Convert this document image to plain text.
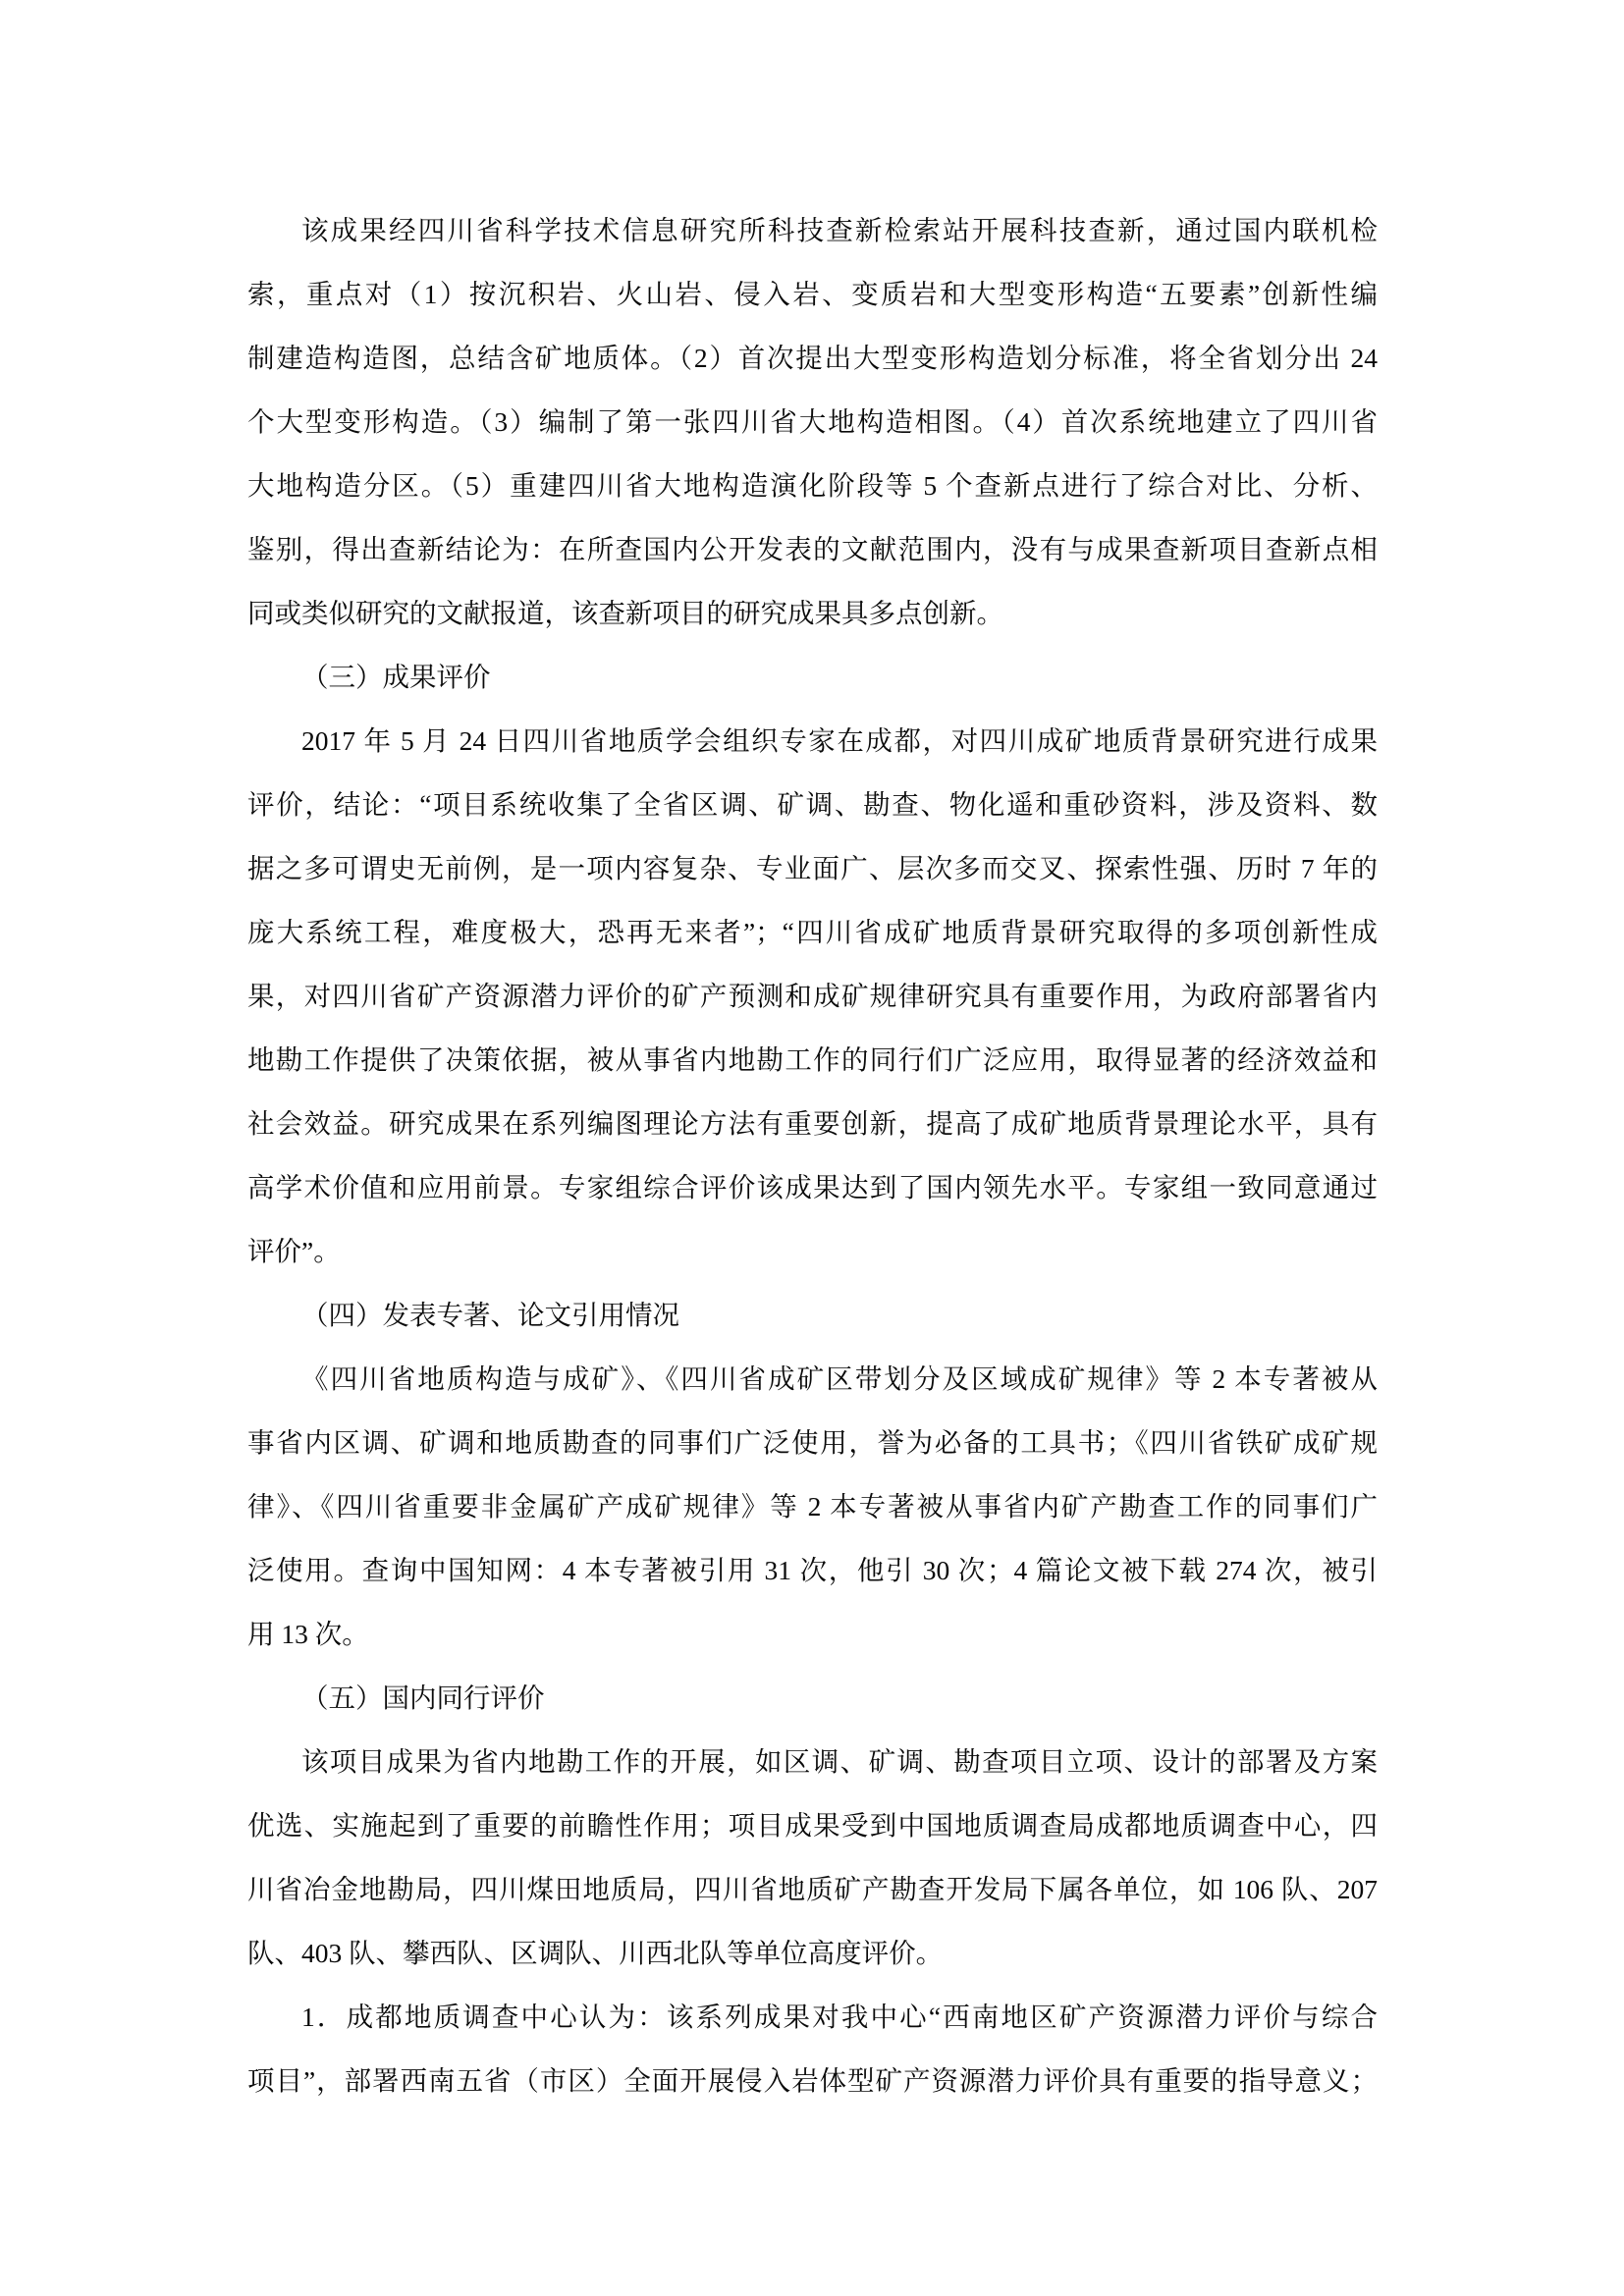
该成果经四川省科学技术信息研究所科技查新检索站开展科技查新，通过国内联机检
索，重点对（1）按沉积岩、火山岩、侵入岩、变质岩和大型变形构造“五要素”创新性编
制建造构造图，总结含矿地质体。（2）首次提出大型变形构造划分标准，将全省划分出 24
个大型变形构造。（3）编制了第一张四川省大地构造相图。（4）首次系统地建立了四川省
大地构造分区。（5）重建四川省大地构造演化阶段等 5 个查新点进行了综合对比、分析、
鉴别，得出查新结论为：在所查国内公开发表的文献范围内，没有与成果查新项目查新点相
同或类似研究的文献报道，该查新项目的研究成果具多点创新。
（三）成果评价
2017 年 5 月 24 日四川省地质学会组织专家在成都，对四川成矿地质背景研究进行成果
评价，结论：“项目系统收集了全省区调、矿调、勘查、物化遥和重砂资料，涉及资料、数
据之多可谓史无前例，是一项内容复杂、专业面广、层次多而交叉、探索性强、历时 7 年的
庞大系统工程，难度极大，恐再无来者”；“四川省成矿地质背景研究取得的多项创新性成
果，对四川省矿产资源潜力评价的矿产预测和成矿规律研究具有重要作用，为政府部署省内
地勘工作提供了决策依据，被从事省内地勘工作的同行们广泛应用，取得显著的经济效益和
社会效益。研究成果在系列编图理论方法有重要创新，提高了成矿地质背景理论水平，具有
高学术价值和应用前景。专家组综合评价该成果达到了国内领先水平。专家组一致同意通过
评价”。
（四）发表专著、论文引用情况
《四川省地质构造与成矿》、《四川省成矿区带划分及区域成矿规律》等 2 本专著被从
事省内区调、矿调和地质勘查的同事们广泛使用，誉为必备的工具书；《四川省铁矿成矿规
律》、《四川省重要非金属矿产成矿规律》等 2 本专著被从事省内矿产勘查工作的同事们广
泛使用。查询中国知网：4 本专著被引用 31 次，他引 30 次；4 篇论文被下载 274 次，被引
用 13 次。
（五）国内同行评价
该项目成果为省内地勘工作的开展，如区调、矿调、勘查项目立项、设计的部署及方案
优选、实施起到了重要的前瞻性作用；项目成果受到中国地质调查局成都地质调查中心，四
川省冶金地勘局，四川煤田地质局，四川省地质矿产勘查开发局下属各单位，如 106 队、207
队、403 队、攀西队、区调队、川西北队等单位高度评价。
1．成都地质调查中心认为：该系列成果对我中心“西南地区矿产资源潜力评价与综合
项目”，部署西南五省（市区）全面开展侵入岩体型矿产资源潜力评价具有重要的指导意义；
